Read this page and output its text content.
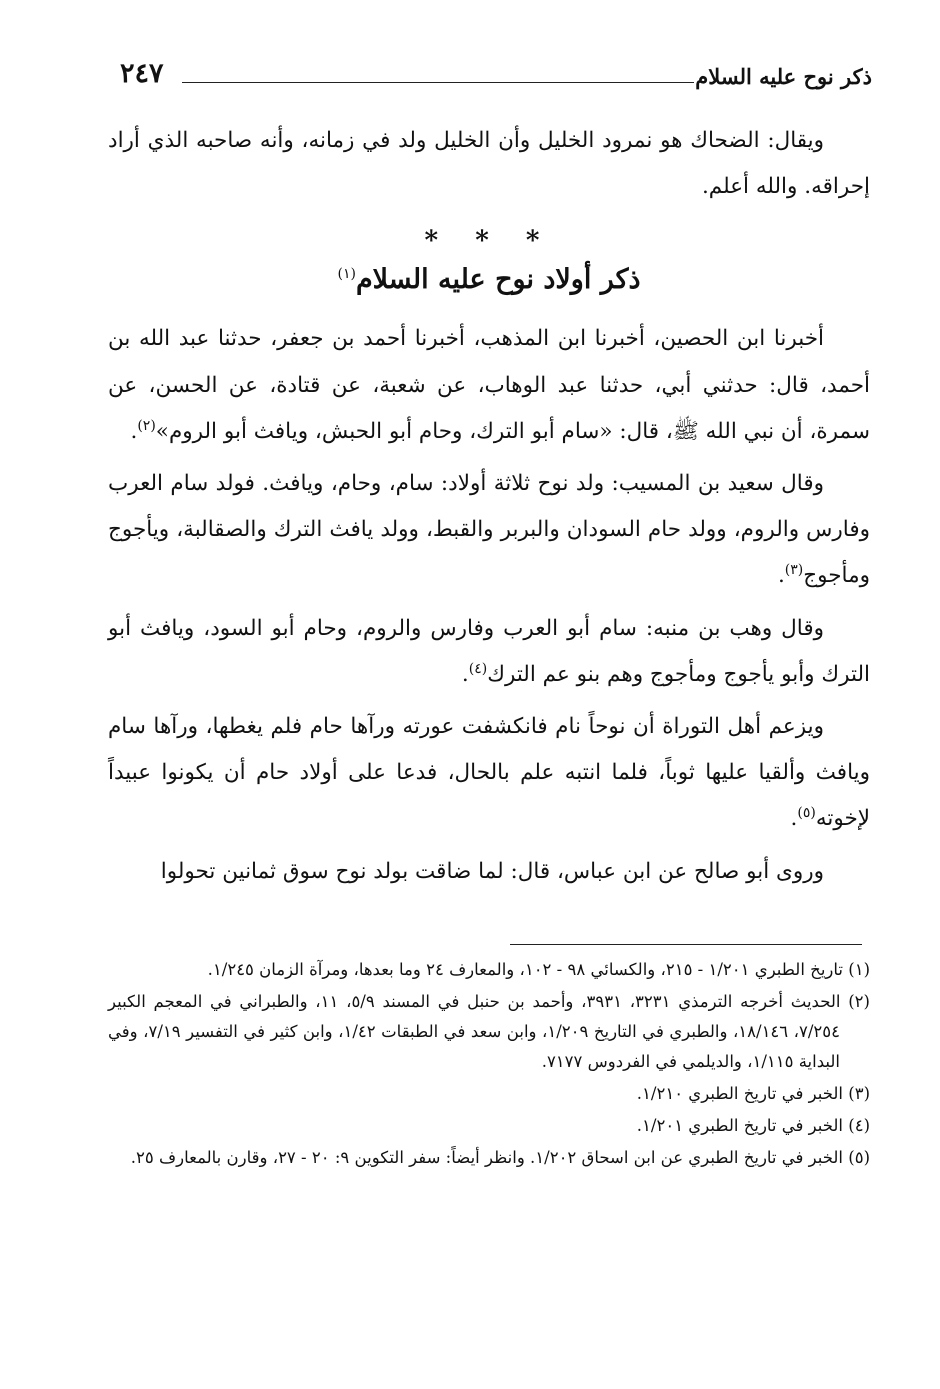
ذكر نوح عليه السلام
٢٤٧

ويقال: الضحاك هو نمرود الخليل وأن الخليل ولد في زمانه، وأنه صاحبه الذي أراد إحراقه. والله أعلم.

* * *
ذكر أولاد نوح عليه السلام$^{(١)}$

أخبرنا ابن الحصين، أخبرنا ابن المذهب، أخبرنا أحمد بن جعفر، حدثنا عبد الله بن أحمد، قال: حدثني أبي، حدثنا عبد الوهاب، عن شعبة، عن قتادة، عن الحسن، عن سمرة، أن نبي الله ﷺ، قال: «سام أبو الترك، وحام أبو الحبش، ويافث أبو الروم»$^{(٢)}$.

وقال سعيد بن المسيب: ولد نوح ثلاثة أولاد: سام، وحام، ويافث. فولد سام العرب وفارس والروم، وولد حام السودان والبربر والقبط، وولد يافث الترك والصقالبة، ويأجوج ومأجوج$^{(٣)}$.

وقال وهب بن منبه: سام أبو العرب وفارس والروم، وحام أبو السود، ويافث أبو الترك وأبو يأجوج ومأجوج وهم بنو عم الترك$^{(٤)}$.

ويزعم أهل التوراة أن نوحاً نام فانكشفت عورته ورآها حام فلم يغطها، ورآها سام ويافث وألقيا عليها ثوباً، فلما انتبه علم بالحال، فدعا على أولاد حام أن يكونوا عبيداً لإخوته$^{(٥)}$.

وروى أبو صالح عن ابن عباس، قال: لما ضاقت بولد نوح سوق ثمانين تحولوا

(١) تاريخ الطبري ١/٢٠١ - ٢١٥، والكسائي ٩٨ - ١٠٢، والمعارف ٢٤ وما بعدها، ومرآة الزمان ١/٢٤٥.

(٢) الحديث أخرجه الترمذي ٣٢٣١، ٣٩٣١، وأحمد بن حنبل في المسند ٥/٩، ١١، والطبراني في المعجم الكبير ٧/٢٥٤، ١٨/١٤٦، والطبري في التاريخ ١/٢٠٩، وابن سعد في الطبقات ١/٤٢، وابن كثير في التفسير ٧/١٩، وفي البداية ١/١١٥، والديلمي في الفردوس ٧١٧٧.

(٣) الخبر في تاريخ الطبري ١/٢١٠.

(٤) الخبر في تاريخ الطبري ١/٢٠١.

(٥) الخبر في تاريخ الطبري عن ابن اسحاق ١/٢٠٢. وانظر أيضاً: سفر التكوين ٩: ٢٠ - ٢٧، وقارن بالمعارف ٢٥.
